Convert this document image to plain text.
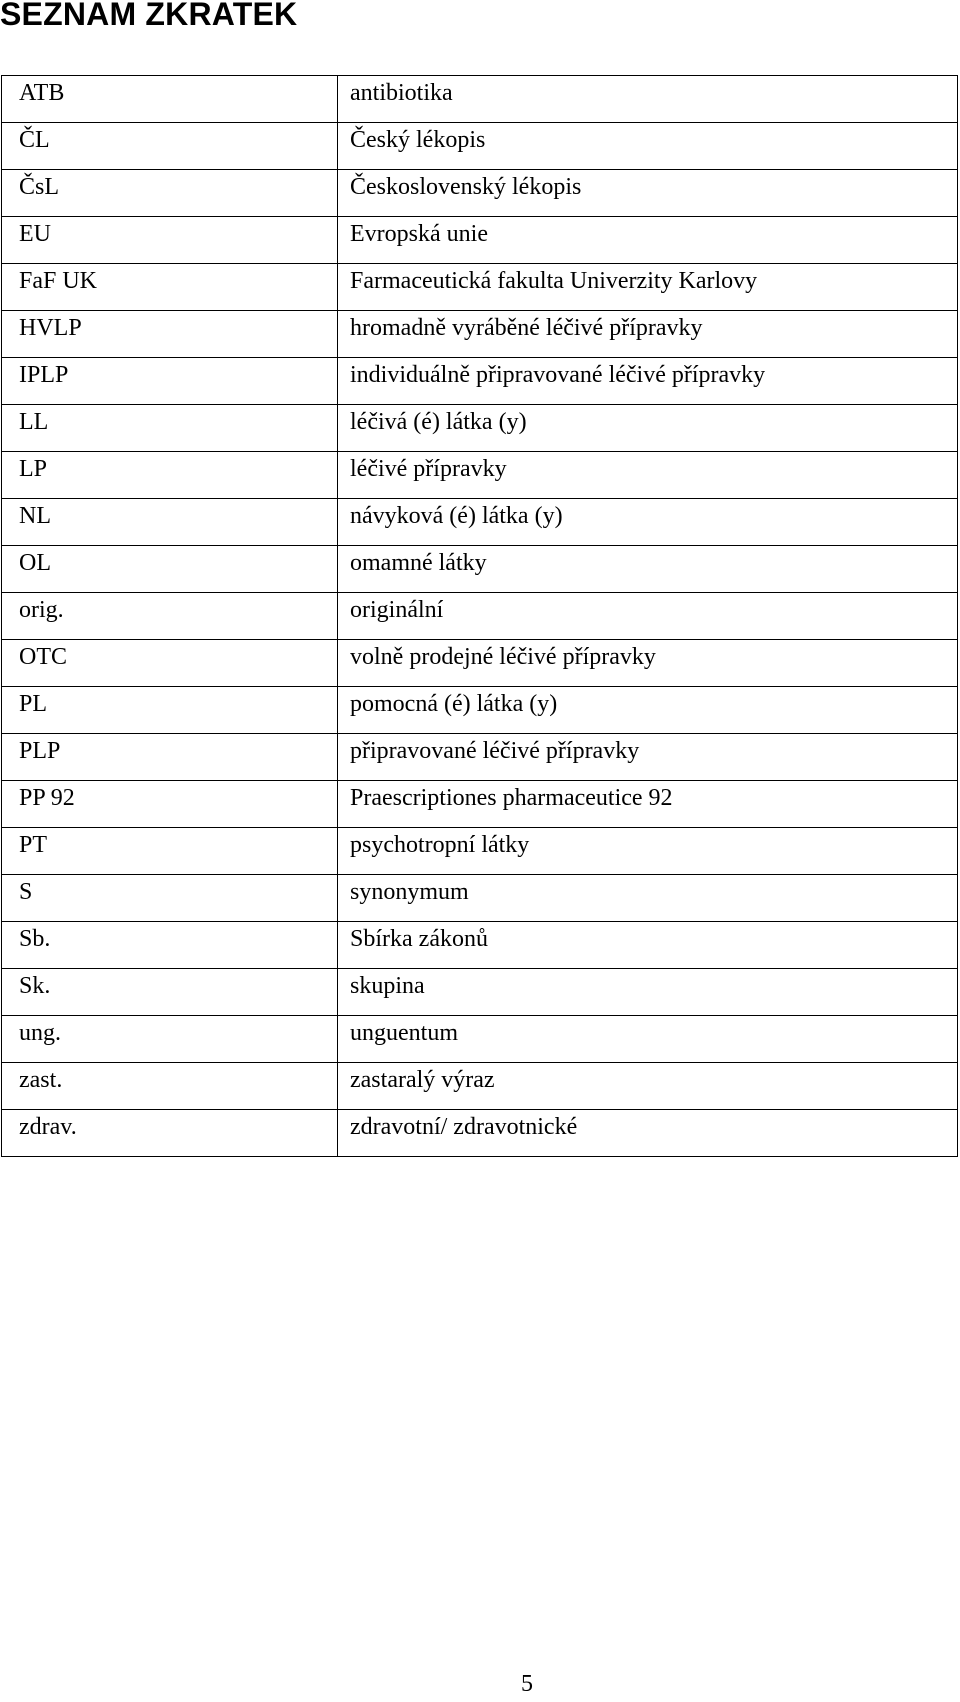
SEZNAM ZKRATEK
ATB	antibiotika
ČL	Český lékopis
ČsL	Československý lékopis
EU	Evropská unie
FaF UK	Farmaceutická fakulta Univerzity Karlovy
HVLP	hromadně vyráběné léčivé přípravky
IPLP	individuálně připravované léčivé přípravky
LL	léčivá (é) látka (y)
LP	léčivé přípravky
NL	návyková (é) látka (y)
OL	omamné látky
orig.	originální
OTC	volně prodejné léčivé přípravky
PL	pomocná (é) látka (y)
PLP	připravované léčivé přípravky
PP 92	Praescriptiones pharmaceutice 92
PT	psychotropní látky
S	synonymum
Sb.	Sbírka zákonů
Sk.	skupina
ung.	unguentum
zast.	zastaralý výraz
zdrav.	zdravotní/ zdravotnické
5
